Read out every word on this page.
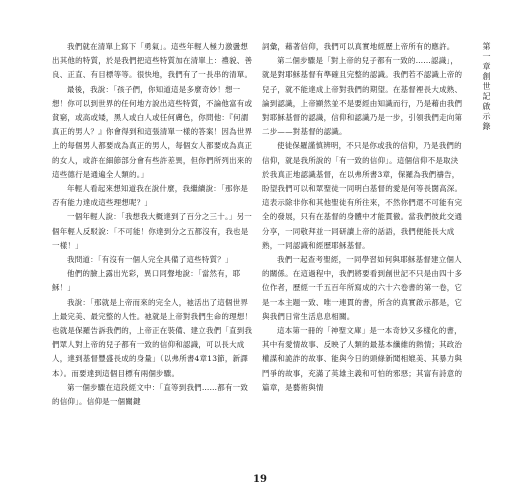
我們就在清單上寫下「勇氣」。這些年輕人極力激盪想出其他的特質，於是我們把這些特質加在清單上：禮貌、善良、正直、有目標等等。很快地，我們有了一長串的清單。

最後，我說：「孩子們，你知道這是多麼奇妙！想一想！你可以到世界的任何地方說出這些特質，不論他富有或貧窮，或高或矮，黑人或白人或任何膚色，你問他：『何謂真正的男人？』你會得到和這張清單一樣的答案！因為世界上的每個男人都要成為真正的男人，每個女人都要成為真正的女人，或許在細節部分會有些許差異，但你們所列出來的這些德行是通遍全人類的。」

年輕人看起來想知道我在說什麼，我繼續說：「那你是否有能力達成這些理想呢？」

一個年輕人說：「我想我大概達到了百分之三十。」另一個年輕人反駁說：「不可能！你達到分之五都沒有，我也是一樣！」

我問道：「有沒有一個人完全具備了這些特質？」

他們的臉上露出光彩，異口同聲地說：「當然有，耶穌！」

我說：「那就是上帝而來的完全人，祂活出了這個世界上最完美、最完整的人性。祂就是上帝對我們生命的理想！也就是保羅告訴我們的，上帝正在裝備、建立我們「直到我們眾人對上帝的兒子都有一致的信仰和認識，可以長大成人，達到基督豐盛長成的身量」（以弗所書4章13節，新譯本）。而要達到這個目標有兩個步驟。

第一個步驟在這段經文中：「直等到我們……都有一致的信仰」。信仰是一個關鍵

詞彙，藉著信仰，我們可以真實地經歷上帝所有的應許。

第二個步驟是「對上帝的兒子都有一致的……認識」，就是對耶穌基督有準確且完整的認識。我們若不認識上帝的兒子，就不能達成上帝對我們的期望。在基督裡長大成熟、論到認識，上帝顯然並不是要經由知識而行，乃是藉由我們對耶穌基督的認識，信仰和認識乃是一步，引領我們走向第二步——對基督的認識。

使徒保羅謹慎辨明，不只是你或我的信仰，乃是我們的信仰，就是我所說的「有一致的信仰」。這個信仰不是取決於我真正地認識基督，在以弗所書3章，保羅為我們禱告，盼望我們可以和眾聖徒一同明白基督的愛是何等長闊高深。這表示除非你和其他聖徒有所往來，不然你們還不可能有完全的發展，只有在基督的身體中才能貫徹。當我們彼此交通分享，一同敬拜並一同研讀上帝的話語，我們便能長大成熟，一同認識和經歷耶穌基督。

我們一起查考聖經，一同學習如何與耶穌基督建立個人的關係。在這過程中，我們將要看到創世記不只是由四十多位作者，歷經一千五百年所寫成的六十六卷書的第一卷，它是一本主題一致、唯一連貫的書，所含的真實啟示都是，它與我們日常生活息息相關。

這本第一冊的「神聖文庫」是一本奇妙又多樣化的書，其中有愛情故事、反映了人類的最基本纖維的熱情；其政治權謀和詭詐的故事、能與今日的頭條新聞相媲美、其暴力與鬥爭的故事，充滿了英雄主義和可怕的邪惡；其富有詩意的篇章，是藝術與情

第一章創世記啟示錄
19
